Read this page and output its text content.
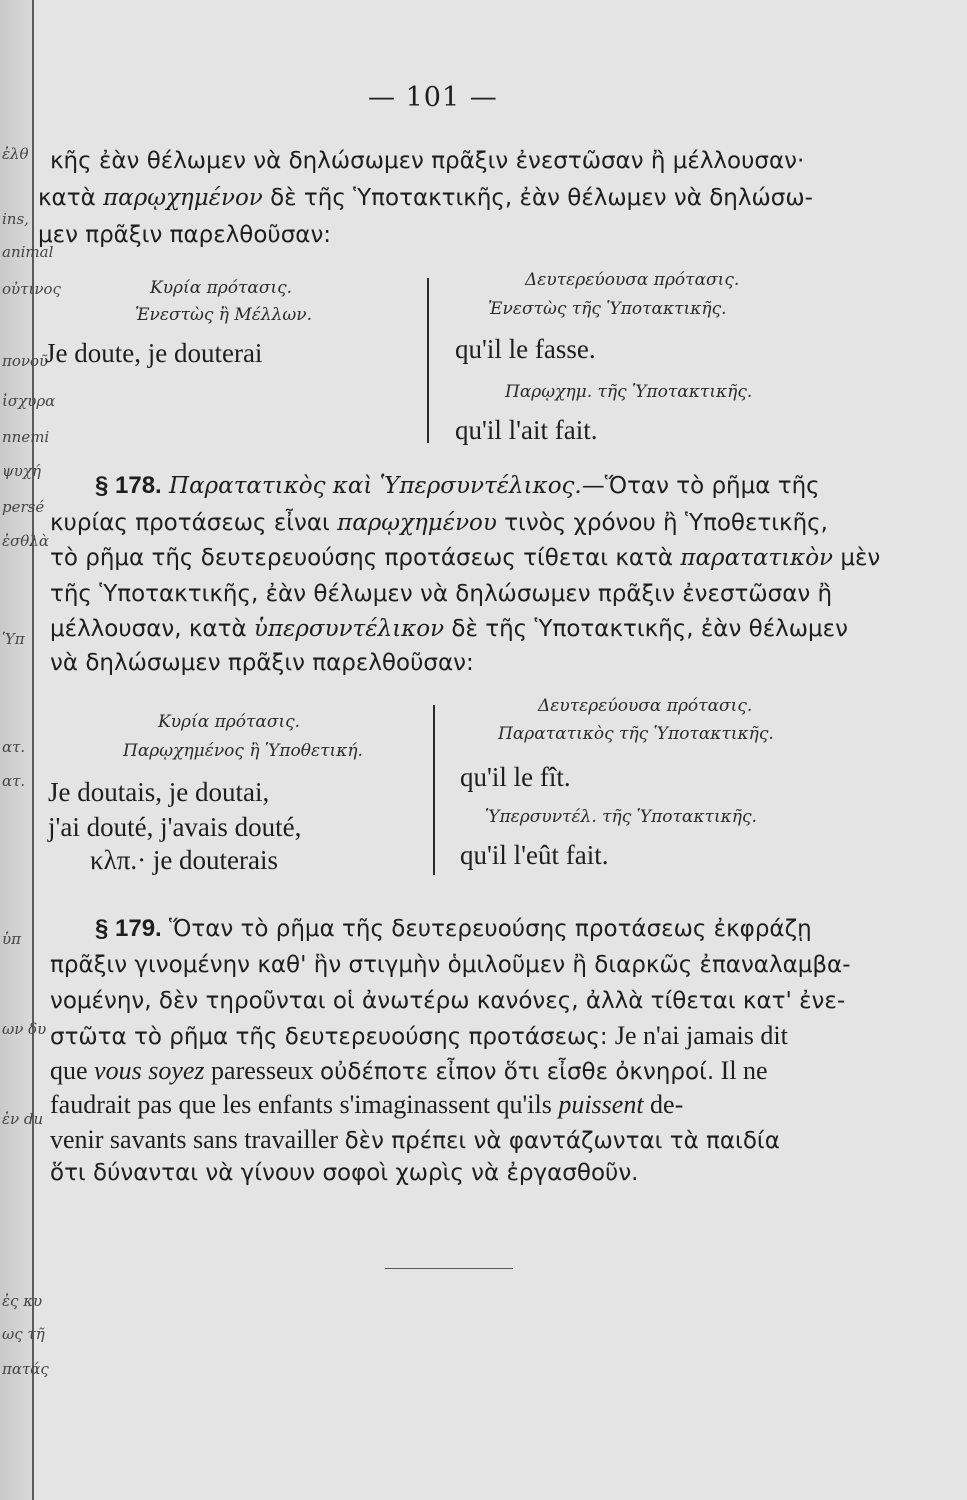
ἐλθ
ins,
animal
οὐτινος
πονοῦ
ἰσχυρα
nnemi
ψυχή
persé
ἐσθλὰ
Ὑπ
ατ.
ατ.
ὑπ
ων δυ
ἐν du
ἐς κυ
ως τῆ
πατάς
— 101 —
κῆς ἐὰν θέλωμεν νὰ δηλώσωμεν πρᾶξιν ἐνεστῶσαν ἢ μέλλουσαν·
κατὰ παρῳχημένον δὲ τῆς Ὑποτακτικῆς, ἐὰν θέλωμεν νὰ δηλώσω-
μεν πρᾶξιν παρελθοῦσαν:
Κυρία πρότασις.
Ἐνεστὼς ἢ Μέλλων.
Je doute, je douterai
Δευτερεύουσα πρότασις.
Ἐνεστὼς τῆς Ὑποτακτικῆς.
qu'il le fasse.
Παρῳχημ. τῆς Ὑποτακτικῆς.
qu'il l'ait fait.
§ 178. Παρατατικὸς καὶ Ὑπερσυντέλικος.—Ὅταν τὸ ρῆμα τῆς
κυρίας προτάσεως εἶναι παρῳχημένου τινὸς χρόνου ἢ Ὑποθετικῆς,
τὸ ρῆμα τῆς δευτερευούσης προτάσεως τίθεται κατὰ παρατατικὸν μὲν
τῆς Ὑποτακτικῆς, ἐὰν θέλωμεν νὰ δηλώσωμεν πρᾶξιν ἐνεστῶσαν ἢ
μέλλουσαν, κατὰ ὑπερσυντέλικον δὲ τῆς Ὑποτακτικῆς, ἐὰν θέλωμεν
νὰ δηλώσωμεν πρᾶξιν παρελθοῦσαν:
Κυρία πρότασις.
Παρῳχημένος ἢ Ὑποθετική.
Je doutais, je doutai,
j'ai douté, j'avais douté,
κλπ.· je douterais
Δευτερεύουσα πρότασις.
Παρατατικὸς τῆς Ὑποτακτικῆς.
qu'il le fît.
Ὑπερσυντέλ. τῆς Ὑποτακτικῆς.
qu'il l'eût fait.
§ 179. Ὅταν τὸ ρῆμα τῆς δευτερευούσης προτάσεως ἐκφράζῃ
πρᾶξιν γινομένην καθ' ἣν στιγμὴν ὁμιλοῦμεν ἢ διαρκῶς ἐπαναλαμβα-
νομένην, δὲν τηροῦνται οἱ ἀνωτέρω κανόνες, ἀλλὰ τίθεται κατ' ἐνε-
στῶτα τὸ ρῆμα τῆς δευτερευούσης προτάσεως: Je n'ai jamais dit
que vous soyez paresseux οὐδέποτε εἶπον ὅτι εἶσθε ὀκνηροί. Il ne
faudrait pas que les enfants s'imaginassent qu'ils puissent de-
venir savants sans travailler δὲν πρέπει νὰ φαντάζωνται τὰ παιδία
ὅτι δύνανται νὰ γίνουν σοφοὶ χωρὶς νὰ ἐργασθοῦν.
